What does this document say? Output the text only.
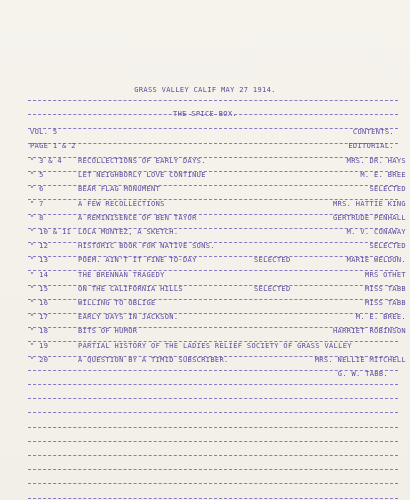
GRASS VALLEY CALIF MAY 27 1914.
THE SPICE BOX.
VOL. 5	CONTENTS.
PAGE 1 & 2	EDITORIAL.
" 3 & 4 RECOLLECTIONS OF EARLY DAYS.	MRS. DR. HAYS
" 5	LET NEIGHBORLY LOVE CONTINUE	M. E. BREE
" 6	BEAR FLAG MONUMENT	SELECTED
" 7	A FEW RECOLLECTIONS	MRS. HATTIE KING
" 8	A REMINISENCE OF BEN TAYOR	GERTRUDE PENHALL
" 10 & 11 LOLA MONTEZ, A SKETCH.	M. V. CONAWAY
" 12	HISTORIC BOOK FOR NATIVE SONS.	SELECTED
" 13	POEM. AIN'T IT FINE TO-DAY	SELECTED	MARIE WELDON.
" 14	THE BRENNAN TRAGEDY	MRS OTHET
" 15	ON THE CALIFORNIA HILLS	SELECTED	MISS TABB
" 16	WILLING TO OBLIGE	MISS TABB
" 17	EARLY DAYS IN JACKSON.	M. E. BREE.
" 18	BITS OF HUMOR	HARRIET ROBINSON
" 19	PARTIAL HISTORY OF THE LADIES RELIEF SOCIETY OF GRASS VALLEY
" 20	A QUESTION BY A TIMID SUBSCRIBER.	MRS. NELLIE MITCHELL
G. W. TABB.
